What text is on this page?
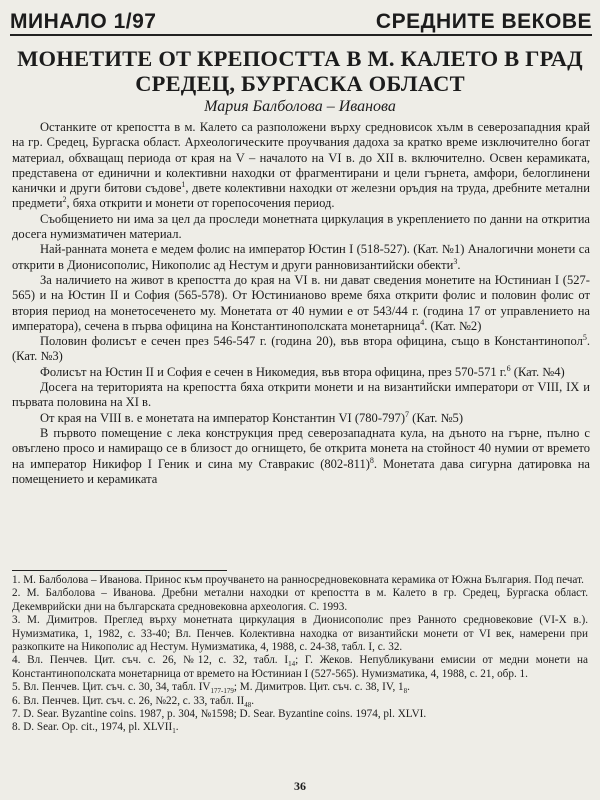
МИНАЛО 1/97	СРЕДНИТЕ ВЕКОВЕ
МОНЕТИТЕ ОТ КРЕПОСТТА В М. КАЛЕТО В ГРАД
СРЕДЕЦ, БУРГАСКА ОБЛАСТ
Мария Балболова – Иванова

Останките от крепостта в м. Калето са разположени върху средновисок хълм в северозападния край на гр. Средец, Бургаска област. Археологическите проучвания дадоха за кратко време изключително богат материал, обхващащ периода от края на V – началото на VI в. до XII в. включително. Освен керамиката, представена от единични и колективни находки от фрагментирани и цели гърнета, амфори, белоглинени канички и други битови съдове$^1$, двете колективни находки от железни оръдия на труда, дребните метални предмети$^2$, бяха открити и монети от горепосочения период.

Съобщението ни има за цел да проследи монетната циркулация в укреплението по данни на откритиа досега нумизматичен материал.

Най-ранната монета е медем фолис на император Юстин I (518-527). (Кат. №1) Аналогични монети са открити в Дионисополис, Никополис ад Нестум и други ранновизантийски обекти$^3$.

За наличието на живот в крепостта до края на VI в. ни дават сведения монетите на Юстиниан I (527-565) и на Юстин II и София (565-578). От Юстиниановo време бяха открити фолис и половин фолис от втория период на монетосеченето му. Монетата от 40 нумии е от 543/44 г. (година 17 от управлението на императора), сечена в първа официна на Константинополската монетарница$^4$. (Кат. №2)

Половин фолисът е сечен през 546-547 г. (година 20), във втора официна, също в Константинопол$^5$. (Кат. №3)

Фолисът на Юстин II и София е сечен в Никомедия, във втора официна, през 570-571 г.$^6$ (Кат. №4)

Досега на територията на крепостта бяха открити монети и на византийски императори от VIII, IX и първата половина на XI в.

От края на VIII в. е монетата на император Константин VI $(780-797)^7$ (Кат. №5)

В първото помещение с лека конструкция пред северозападната кула, на дъното на гърне, пълно с овъглено просо и намиращо се в близост до огнището, бе открита монета на стойност 40 нумии от времето на император Никифор I Геник и сина му Ставракис $(802-811)^8$. Монетата дава сигурна датировка на помещението и керамиката

1. М. Балболова – Иванова. Принос към проучването на ранносредновековната керамика от Южна България. Под печат.

2. М. Балболова – Иванова. Дребни метални находки от крепостта в м. Калето в гр. Средец, Бургаска област. Декемврийски дни на българската средновековна археология. С. 1993.

3. М. Димитров. Преглед върху монетната циркулация в Дионисополис през Ранното средновековие (VI-X в.). Нумизматика, 1, 1982, с. 33-40; Вл. Пенчев. Колективна находка от византийски монети от VI век, намерени при разкопките на Никополис ад Нестум. Нумизматика, 4, 1988, с. 24-38, табл. I, с. 32.

4. Вл. Пенчев. Цит. съч. с. 26, №12, с. 32, табл. $I_{14}$; Г. Жеков. Непубликувани емисии от медни монети на Константинополската монетарница от времето на Юстиниан I (527-565). Нумизматика, 4, 1988, с. 21, обр. 1.

5. Вл. Пенчев. Цит. съч. с. 30, 34, табл. $IV_{177-179}$; М. Димитров. Цит. съч. с. 38, IV, $1_8$.

6. Вл. Пенчев. Цит. съч. с. 26, №22, с. 33, табл. $II_{48}$.

7. D. Sear. Byzantine coins. 1987, p. 304, №1598; D. Sear. Byzantine coins. 1974, pl. XLVI.

8. D. Sear. Op. cit., 1974, pl. $XLVII_1$.

36
